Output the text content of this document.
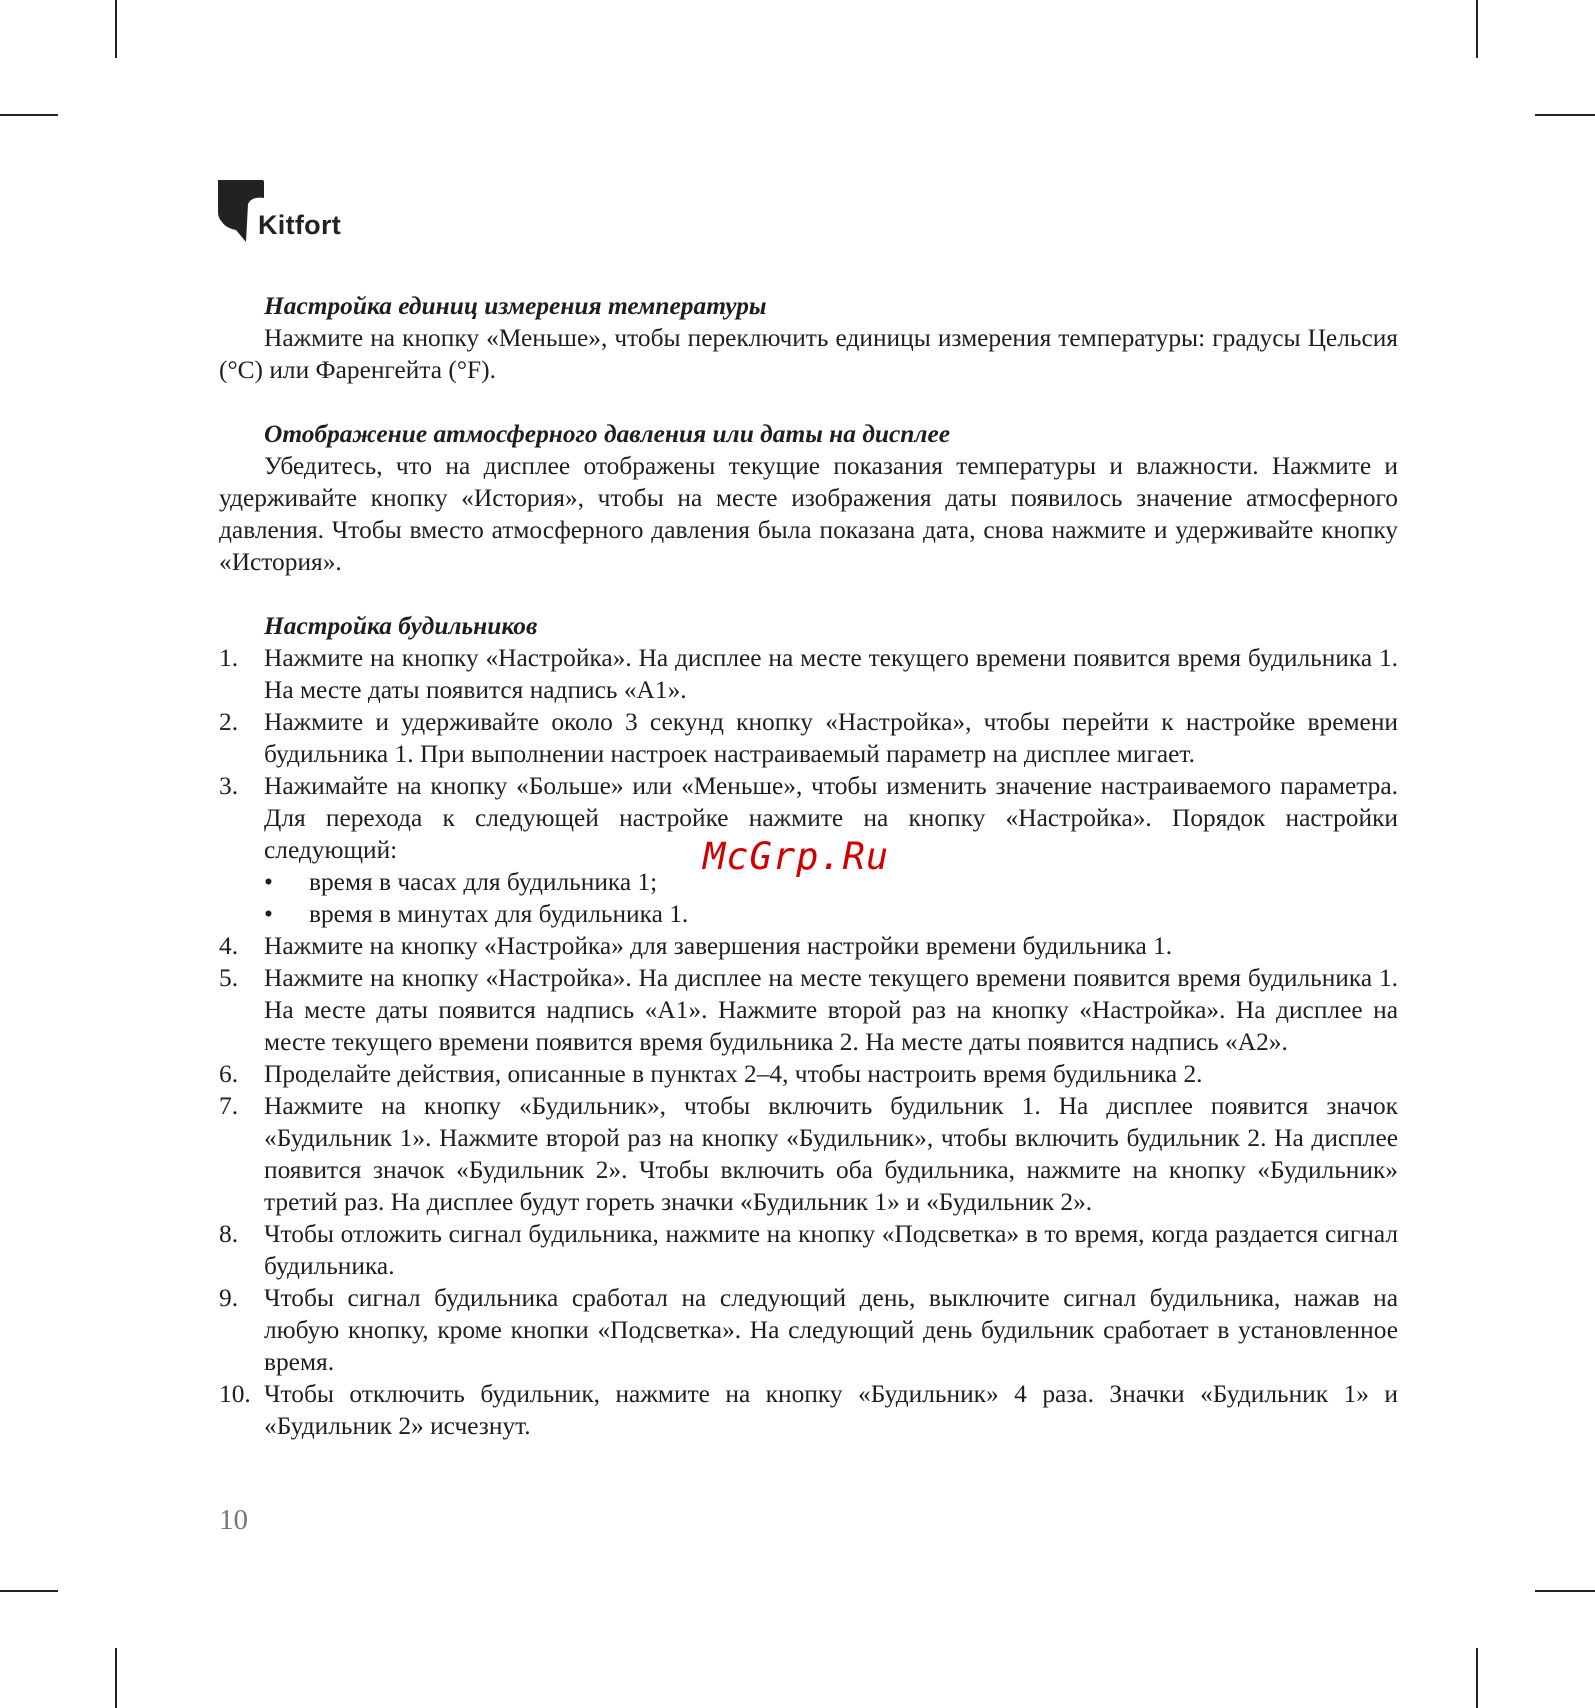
Kitfort
Настройка единиц измерения температуры
Нажмите на кнопку «Меньше», чтобы переключить единицы измерения температуры: градусы Цельсия (°C) или Фаренгейта (°F).
Отображение атмосферного давления или даты на дисплее
Убедитесь, что на дисплее отображены текущие показания температуры и влажности. Нажмите и удерживайте кнопку «История», чтобы на месте изображения даты появилось значение атмосферного давления. Чтобы вместо атмосферного давления была показана дата, снова нажмите и удерживайте кнопку «История».
Настройка будильников
1.	Нажмите на кнопку «Настройка». На дисплее на месте текущего времени появится время будильника 1. На месте даты появится надпись «A1».
2.	Нажмите и удерживайте около 3 секунд кнопку «Настройка», чтобы перейти к настройке времени будильника 1. При выполнении настроек настраиваемый параметр на дисплее мигает.
3.	Нажимайте на кнопку «Больше» или «Меньше», чтобы изменить значение настраиваемого параметра. Для перехода к следующей настройке нажмите на кнопку «Настройка». Порядок настройки следующий:
•	время в часах для будильника 1;
•	время в минутах для будильника 1.
4.	Нажмите на кнопку «Настройка» для завершения настройки времени будильника 1.
5.	Нажмите на кнопку «Настройка». На дисплее на месте текущего времени появится время будильника 1. На месте даты появится надпись «A1». Нажмите второй раз на кнопку «Настройка». На дисплее на месте текущего времени появится время будильника 2. На месте даты появится надпись «A2».
6.	Проделайте действия, описанные в пунктах 2–4, чтобы настроить время будильника 2.
7.	Нажмите на кнопку «Будильник», чтобы включить будильник 1. На дисплее появится значок «Будильник 1». Нажмите второй раз на кнопку «Будильник», чтобы включить будильник 2. На дисплее появится значок «Будильник 2». Чтобы включить оба будильника, нажмите на кнопку «Будильник» третий раз. На дисплее будут гореть значки «Будильник 1» и «Будильник 2».
8.	Чтобы отложить сигнал будильника, нажмите на кнопку «Подсветка» в то время, когда раздается сигнал будильника.
9.	Чтобы сигнал будильника сработал на следующий день, выключите сигнал будильника, нажав на любую кнопку, кроме кнопки «Подсветка». На следующий день будильник сработает в установленное время.
10. Чтобы отключить будильник, нажмите на кнопку «Будильник» 4 раза. Значки «Будильник 1» и «Будильник 2» исчезнут.
McGrp.Ru
10
